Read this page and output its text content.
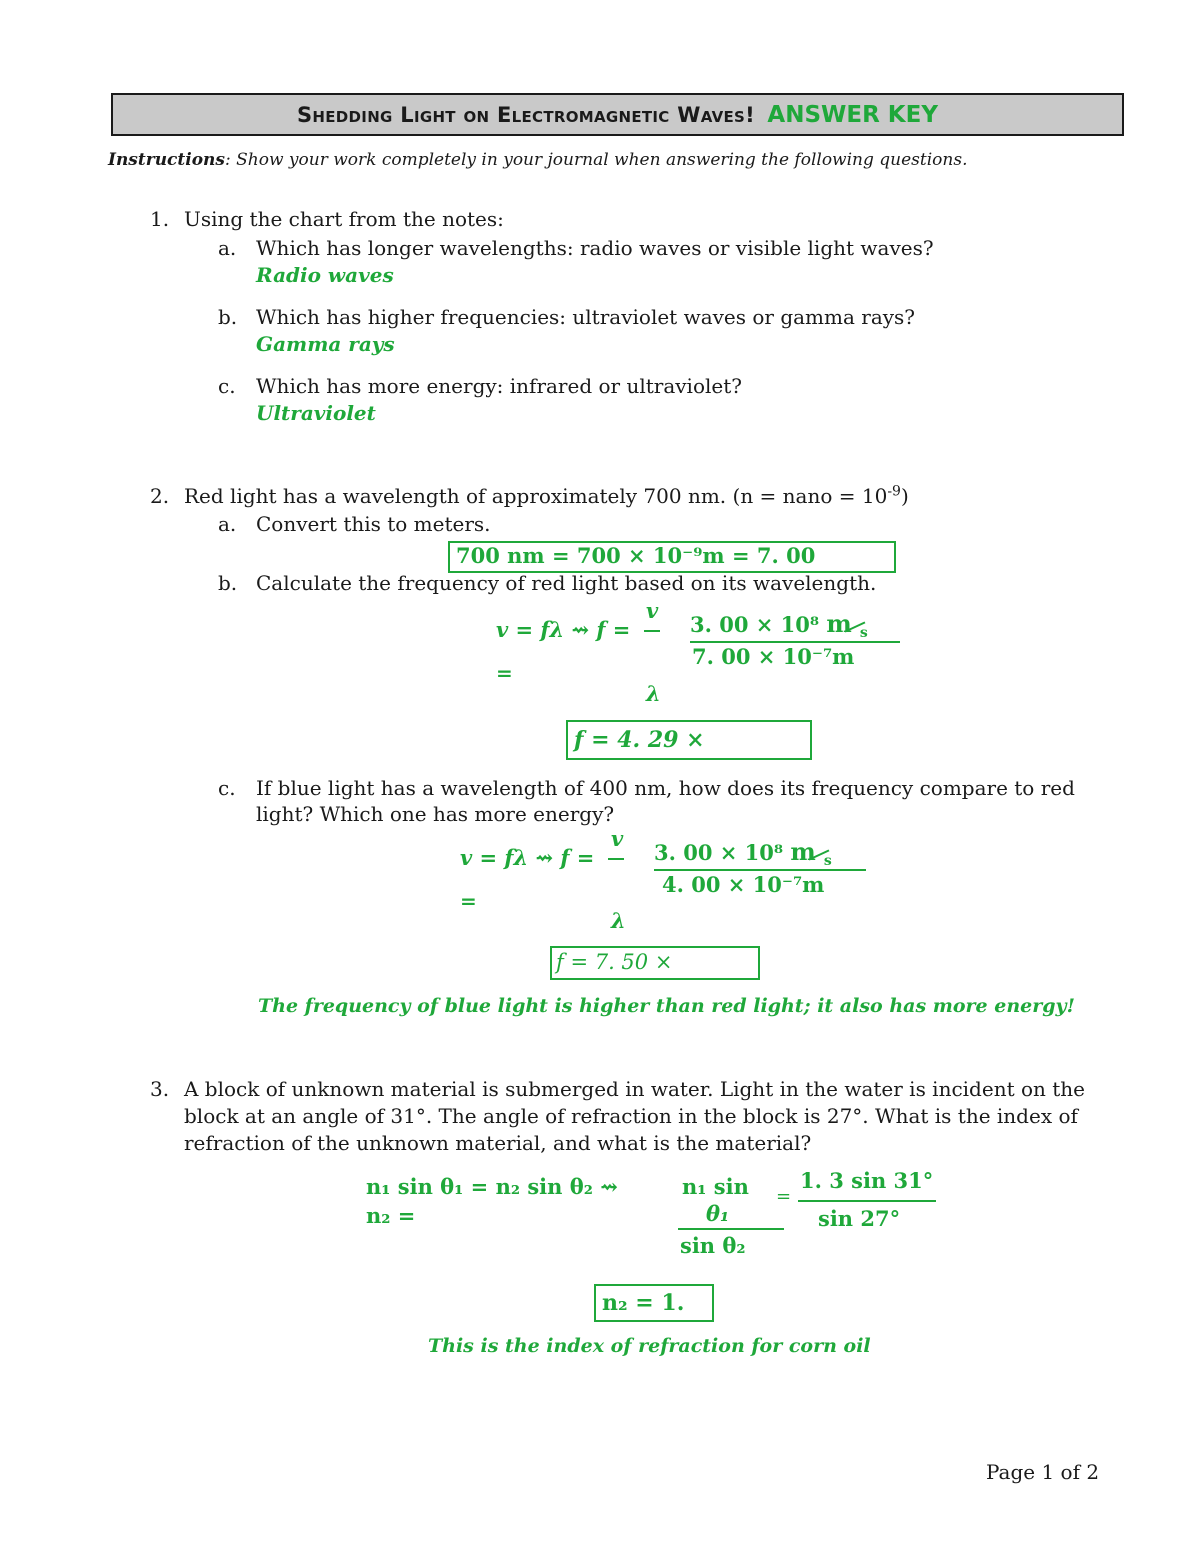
Shedding Light on Electromagnetic Waves! ANSWER KEY
Instructions: Show your work completely in your journal when answering the following questions.
1. Using the chart from the notes:
a. Which has longer wavelengths: radio waves or visible light waves?
Radio waves
b. Which has higher frequencies: ultraviolet waves or gamma rays?
Gamma rays
c. Which has more energy: infrared or ultraviolet?
Ultraviolet
2. Red light has a wavelength of approximately 700 nm. (n = nano = $10^{-9}$)
a. Convert this to meters.
700 nm = 700 × 10⁻⁹m = 7. 00
b. Calculate the frequency of red light based on its wavelength.
v = fλ ⇝ f =
v
=
λ
3. 00 × 10⁸ m $_s$
7. 00 × 10⁻⁷m
f = 4. 29 ×
c. If blue light has a wavelength of 400 nm, how does its frequency compare to red
light? Which one has more energy?
v = fλ ⇝ f =
v
=
λ
3. 00 × 10⁸ m $_s$
4. 00 × 10⁻⁷m
f = 7. 50 ×
The frequency of blue light is higher than red light; it also has more energy!
3. A block of unknown material is submerged in water. Light in the water is incident on the
block at an angle of 31°. The angle of refraction in the block is 27°. What is the index of
refraction of the unknown material, and what is the material?
n₁ sin θ₁ = n₂ sin θ₂ ⇝
n₂ =
n₁ sin
θ₁
sin θ₂
=
1. 3 sin 31°
sin 27°
n₂ = 1.
This is the index of refraction for corn oil
Page 1 of 2
